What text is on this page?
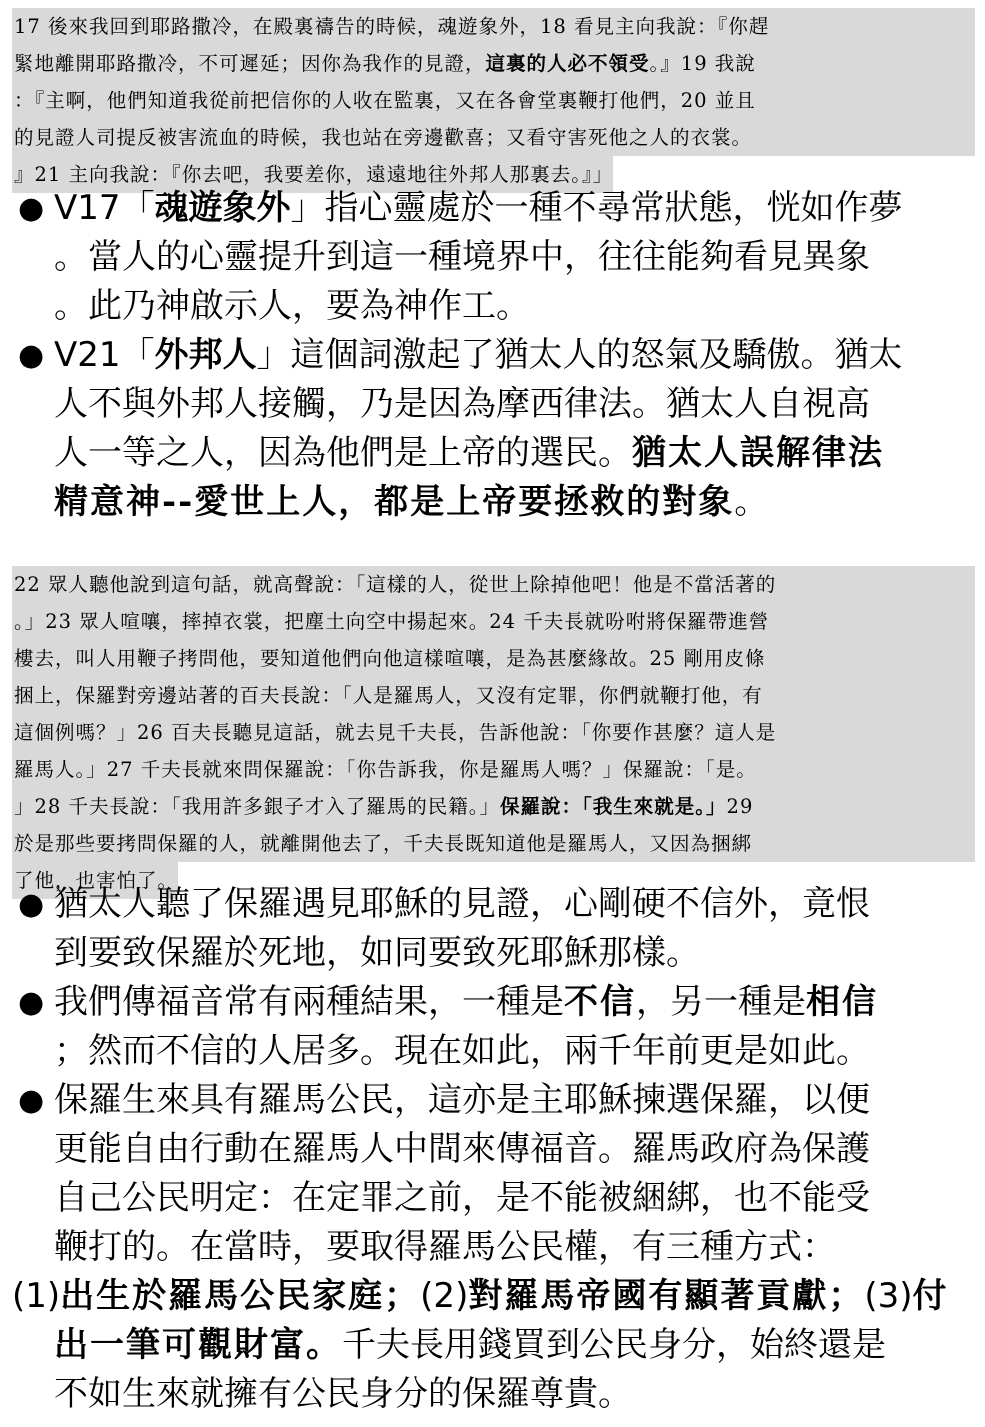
17 後來我回到耶路撒冷，在殿裏禱告的時候，魂遊象外，18 看見主向我說：『你趕
緊地離開耶路撒冷，不可遲延；因你為我作的見證，這裏的人必不領受。』19 我說
：『主啊，他們知道我從前把信你的人收在監裏，又在各會堂裏鞭打他們，20 並且
的見證人司提反被害流血的時候，我也站在旁邊歡喜；又看守害死他之人的衣裳。
』21 主向我說：『你去吧，我要差你，遠遠地往外邦人那裏去。』」
● V17「魂遊象外」指心靈處於一種不尋常狀態，恍如作夢
。當人的心靈提升到這一種境界中，往往能夠看見異象
。此乃神啟示人，要為神作工。
● V21「外邦人」這個詞激起了猶太人的怒氣及驕傲。猶太
人不與外邦人接觸，乃是因為摩西律法。猶太人自視高
人一等之人，因為他們是上帝的選民。猶太人誤解律法
精意神--愛世上人，都是上帝要拯救的對象。
22 眾人聽他說到這句話，就高聲說：「這樣的人，從世上除掉他吧！他是不當活著的
。」23 眾人喧嚷，摔掉衣裳，把塵土向空中揚起來。24 千夫長就吩咐將保羅帶進營
樓去，叫人用鞭子拷問他，要知道他們向他這樣喧嚷，是為甚麼緣故。25 剛用皮條
捆上，保羅對旁邊站著的百夫長說：「人是羅馬人，又沒有定罪，你們就鞭打他，有
這個例嗎？」26 百夫長聽見這話，就去見千夫長，告訴他說：「你要作甚麼？這人是
羅馬人。」27 千夫長就來問保羅說：「你告訴我，你是羅馬人嗎？」保羅說：「是。
」28 千夫長說：「我用許多銀子才入了羅馬的民籍。」保羅說：「我生來就是。」29
於是那些要拷問保羅的人，就離開他去了，千夫長既知道他是羅馬人，又因為捆綁
了他，也害怕了。
● 猶太人聽了保羅遇見耶穌的見證，心剛硬不信外，竟恨
到要致保羅於死地，如同要致死耶穌那樣。
● 我們傳福音常有兩種結果，一種是不信，另一種是相信
；然而不信的人居多。現在如此，兩千年前更是如此。
● 保羅生來具有羅馬公民，這亦是主耶穌揀選保羅，以便
更能自由行動在羅馬人中間來傳福音。羅馬政府為保護
自己公民明定：在定罪之前，是不能被綑綁，也不能受
鞭打的。在當時，要取得羅馬公民權，有三種方式：
(1)出生於羅馬公民家庭；(2)對羅馬帝國有顯著貢獻；(3)付
出一筆可觀財富。千夫長用錢買到公民身分，始終還是
不如生來就擁有公民身分的保羅尊貴。
